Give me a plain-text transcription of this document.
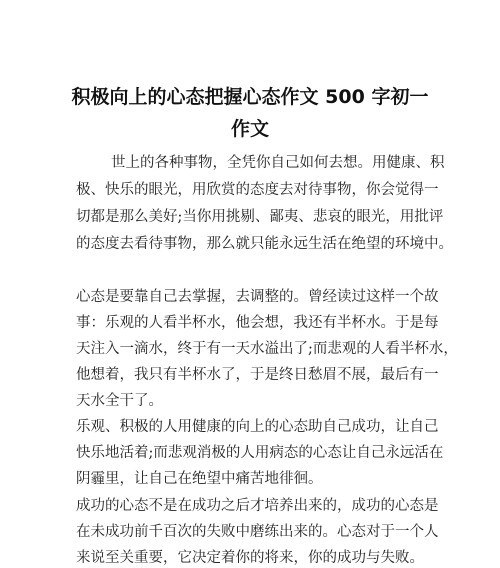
积极向上的心态把握心态作文 500 字初一
作文

世上的各种事物，全凭你自己如何去想。用健康、积

极、快乐的眼光，用欣赏的态度去对待事物，你会觉得一

切都是那么美好;当你用挑剔、鄙夷、悲哀的眼光，用批评

的态度去看待事物，那么就只能永远生活在绝望的环境中。

心态是要靠自己去掌握，去调整的。曾经读过这样一个故

事：乐观的人看半杯水，他会想，我还有半杯水。于是每

天注入一滴水，终于有一天水溢出了;而悲观的人看半杯水，

他想着，我只有半杯水了，于是终日愁眉不展，最后有一

天水全干了。

乐观、积极的人用健康的向上的心态助自己成功，让自己

快乐地活着;而悲观消极的人用病态的心态让自己永远活在

阴霾里，让自己在绝望中痛苦地徘徊。

成功的心态不是在成功之后才培养出来的，成功的心态是

在未成功前千百次的失败中磨练出来的。心态对于一个人

来说至关重要，它决定着你的将来，你的成功与失败。
